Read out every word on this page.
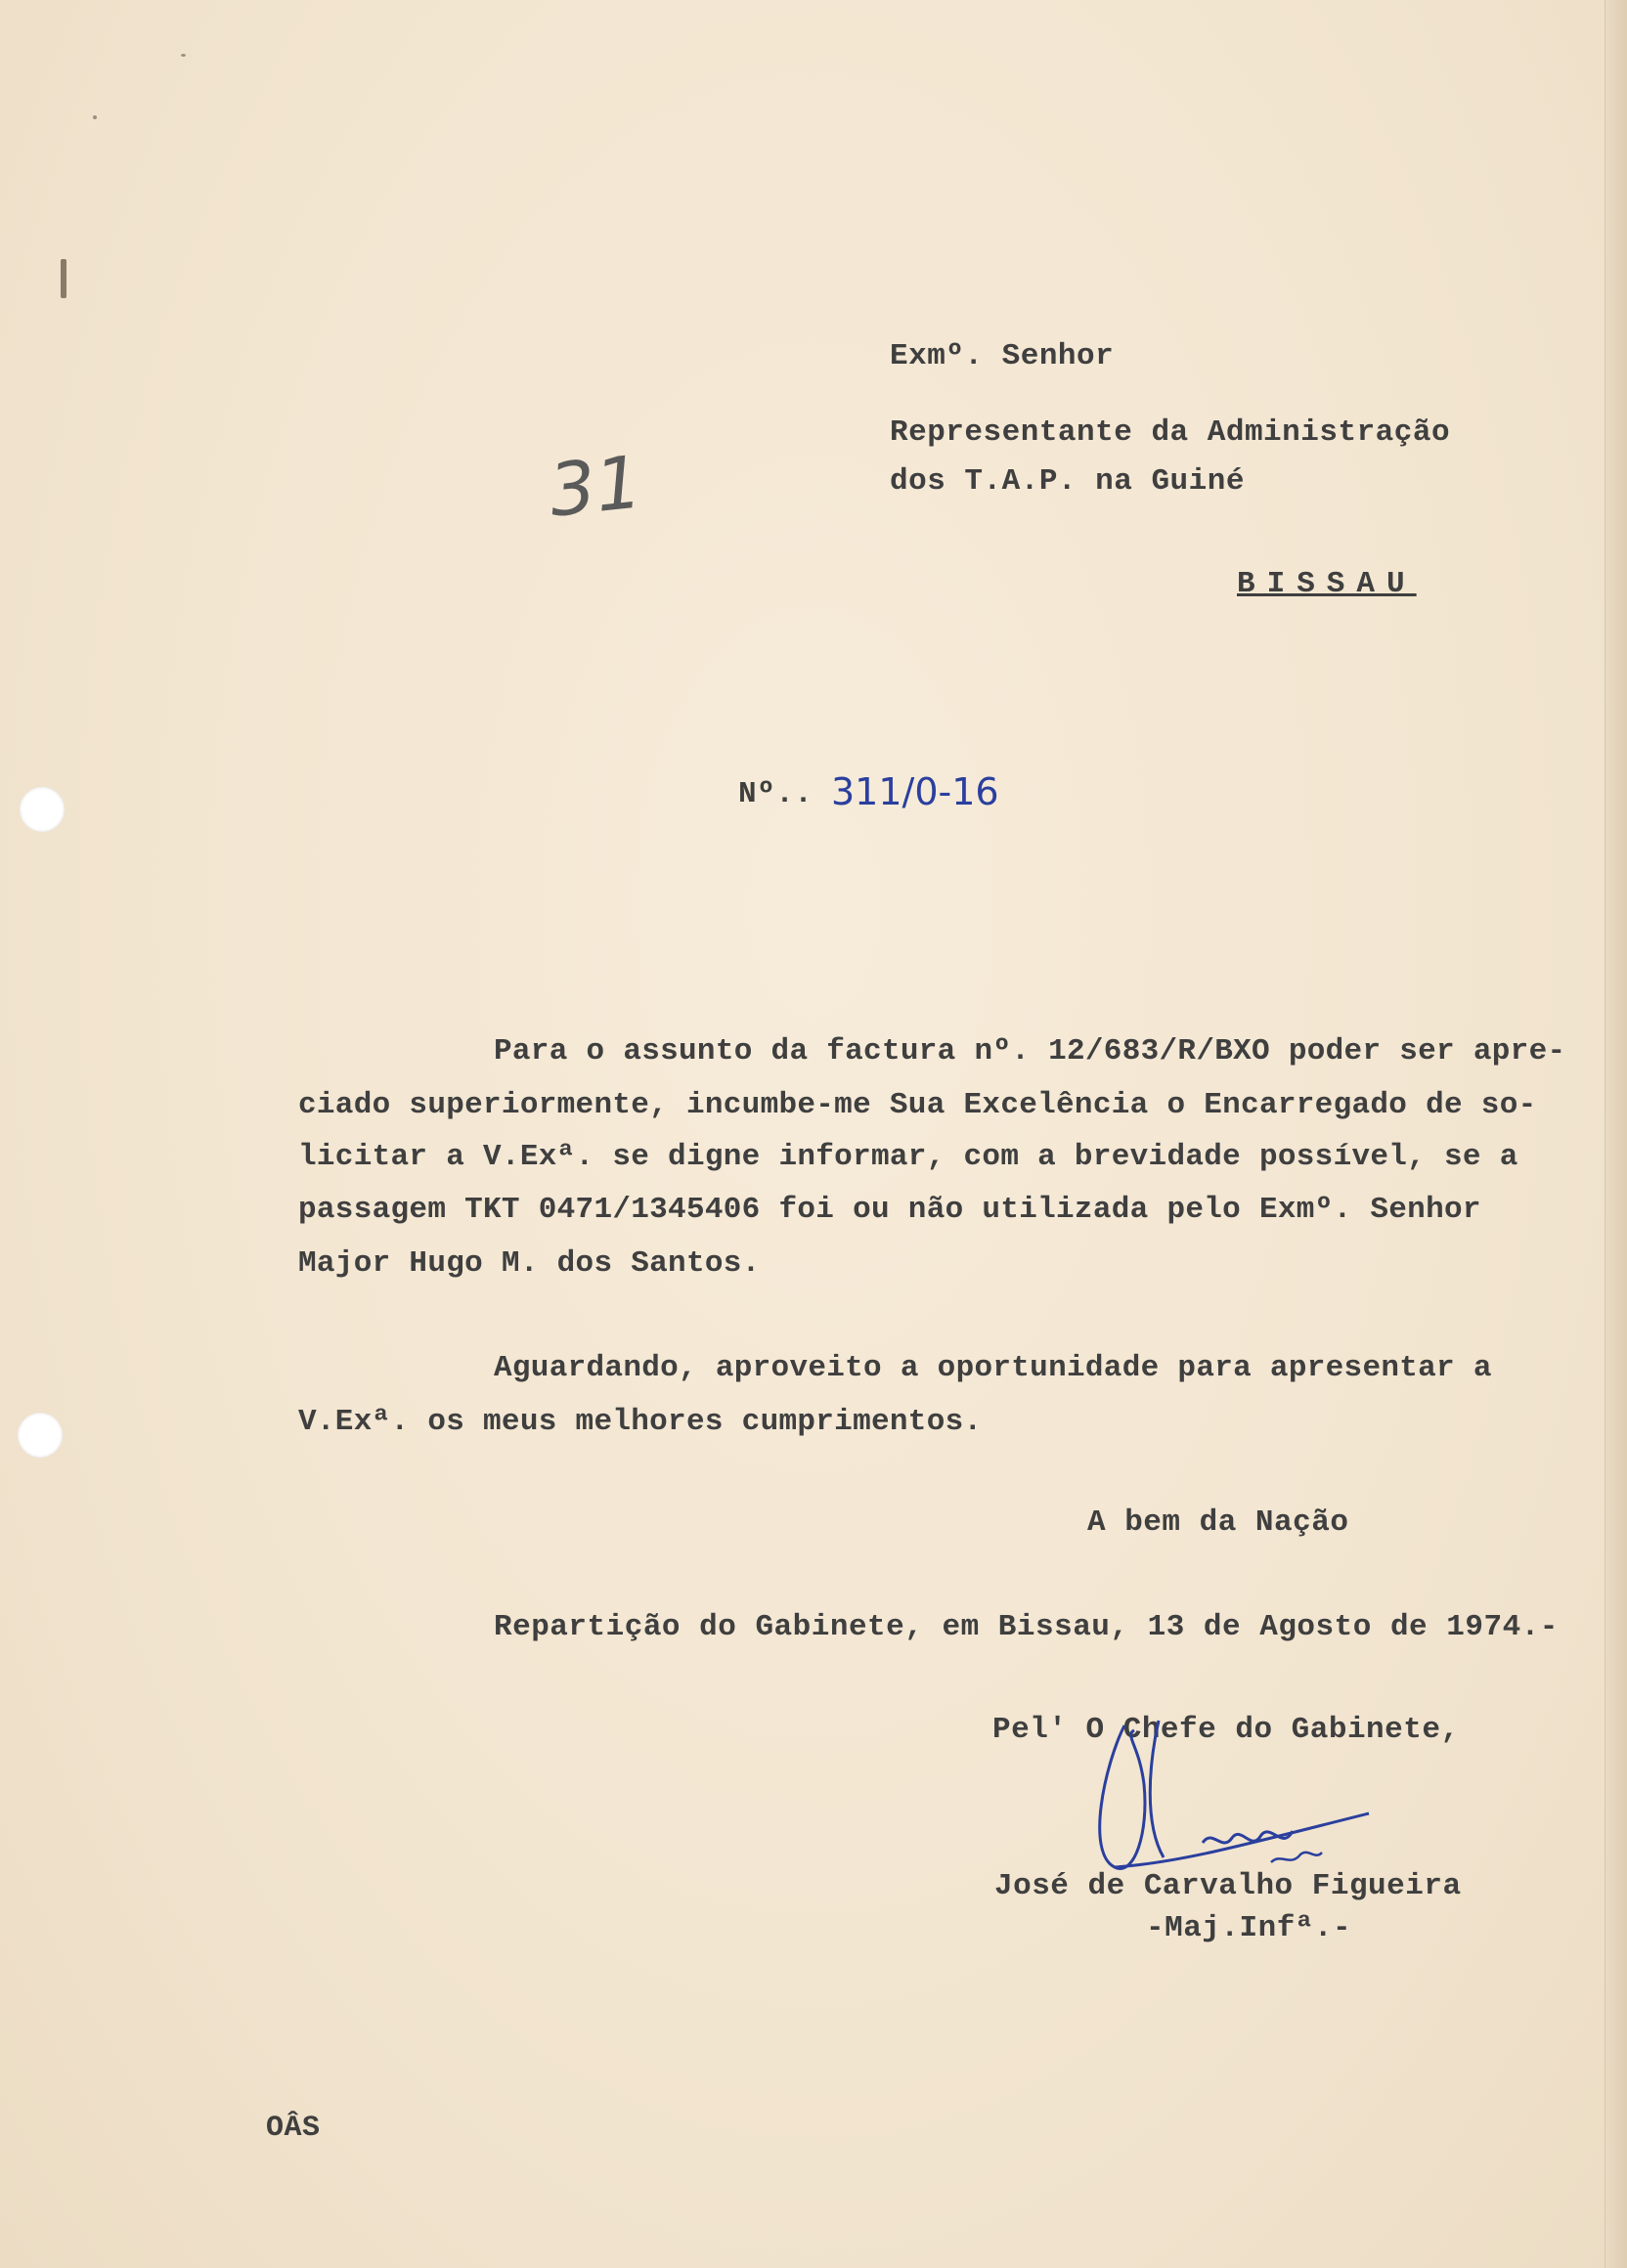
31
Exmº. Senhor
Representante da Administração
dos T.A.P. na Guiné
BISSAU
Nº.. 311/0-16
Para o assunto da factura nº. 12/683/R/BXO poder ser apre-
ciado superiormente, incumbe-me Sua Excelência o Encarregado de so-
licitar a V.Exª. se digne informar, com a brevidade possível, se a
passagem TKT 0471/1345406 foi ou não utilizada pelo Exmº. Senhor
Major Hugo M. dos Santos.
Aguardando, aproveito a oportunidade para apresentar a
V.Exª. os meus melhores cumprimentos.
A bem da Nação
Repartição do Gabinete, em Bissau, 13 de Agosto de 1974.-
Pel' O Chefe do Gabinete,
José de Carvalho Figueira
-Maj.Infª.-
OÂS
